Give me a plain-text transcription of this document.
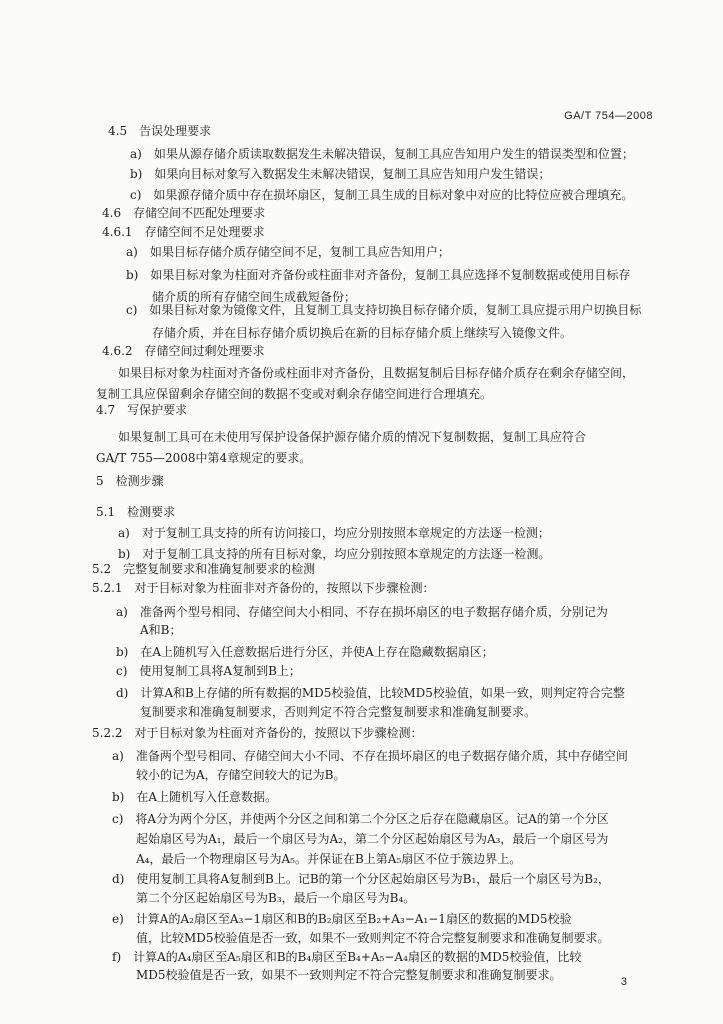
GA/T 754—2008
4.5　告误处理要求
a)　如果从源存储介质读取数据发生未解决错误，复制工具应告知用户发生的错误类型和位置；
b)　如果向目标对象写入数据发生未解决错误，复制工具应告知用户发生错误；
c)　如果源存储介质中存在损坏扇区，复制工具生成的目标对象中对应的比特位应被合理填充。
4.6　存储空间不匹配处理要求
4.6.1　存储空间不足处理要求
a)　如果目标存储介质存储空间不足，复制工具应告知用户；
b)　如果目标对象为柱面对齐备份或柱面非对齐备份，复制工具应选择不复制数据或使用目标存
储介质的所有存储空间生成截短备份；
c)　如果目标对象为镜像文件，且复制工具支持切换目标存储介质，复制工具应提示用户切换目标
存储介质，并在目标存储介质切换后在新的目标存储介质上继续写入镜像文件。
4.6.2　存储空间过剩处理要求
如果目标对象为柱面对齐备份或柱面非对齐备份，且数据复制后目标存储介质存在剩余存储空间，
复制工具应保留剩余存储空间的数据不变或对剩余存储空间进行合理填充。
4.7　写保护要求
如果复制工具可在未使用写保护设备保护源存储介质的情况下复制数据，复制工具应符合
GA/T 755—2008中第4章规定的要求。
5　检测步骤
5.1　检测要求
a)　对于复制工具支持的所有访问接口，均应分别按照本章规定的方法逐一检测；
b)　对于复制工具支持的所有目标对象，均应分别按照本章规定的方法逐一检测。
5.2　完整复制要求和准确复制要求的检测
5.2.1　对于目标对象为柱面非对齐备份的，按照以下步骤检测：
a)　准备两个型号相同、存储空间大小相同、不存在损坏扇区的电子数据存储介质，分别记为
A和B；
b)　在A上随机写入任意数据后进行分区，并使A上存在隐藏数据扇区；
c)　使用复制工具将A复制到B上；
d)　计算A和B上存储的所有数据的MD5校验值，比较MD5校验值，如果一致，则判定符合完整
复制要求和准确复制要求，否则判定不符合完整复制要求和准确复制要求。
5.2.2　对于目标对象为柱面对齐备份的，按照以下步骤检测：
a)　准备两个型号相同、存储空间大小不同、不存在损坏扇区的电子数据存储介质，其中存储空间
较小的记为A，存储空间较大的记为B。
b)　在A上随机写入任意数据。
c)　将A分为两个分区，并使两个分区之间和第二个分区之后存在隐藏扇区。记A的第一个分区
起始扇区号为A₁，最后一个扇区号为A₂，第二个分区起始扇区号为A₃，最后一个扇区号为
A₄，最后一个物理扇区号为A₅。并保证在B上第A₅扇区不位于簇边界上。
d)　使用复制工具将A复制到B上。记B的第一个分区起始扇区号为B₁，最后一个扇区号为B₂，
第二个分区起始扇区号为B₃，最后一个扇区号为B₄。
e)　计算A的A₂扇区至A₃−1扇区和B的B₂扇区至B₂+A₃−A₁−1扇区的数据的MD5校验
值，比较MD5校验值是否一致，如果不一致则判定不符合完整复制要求和准确复制要求。
f)　计算A的A₄扇区至A₅扇区和B的B₄扇区至B₄+A₅−A₄扇区的数据的MD5校验值，比较
MD5校验值是否一致，如果不一致则判定不符合完整复制要求和准确复制要求。	3
